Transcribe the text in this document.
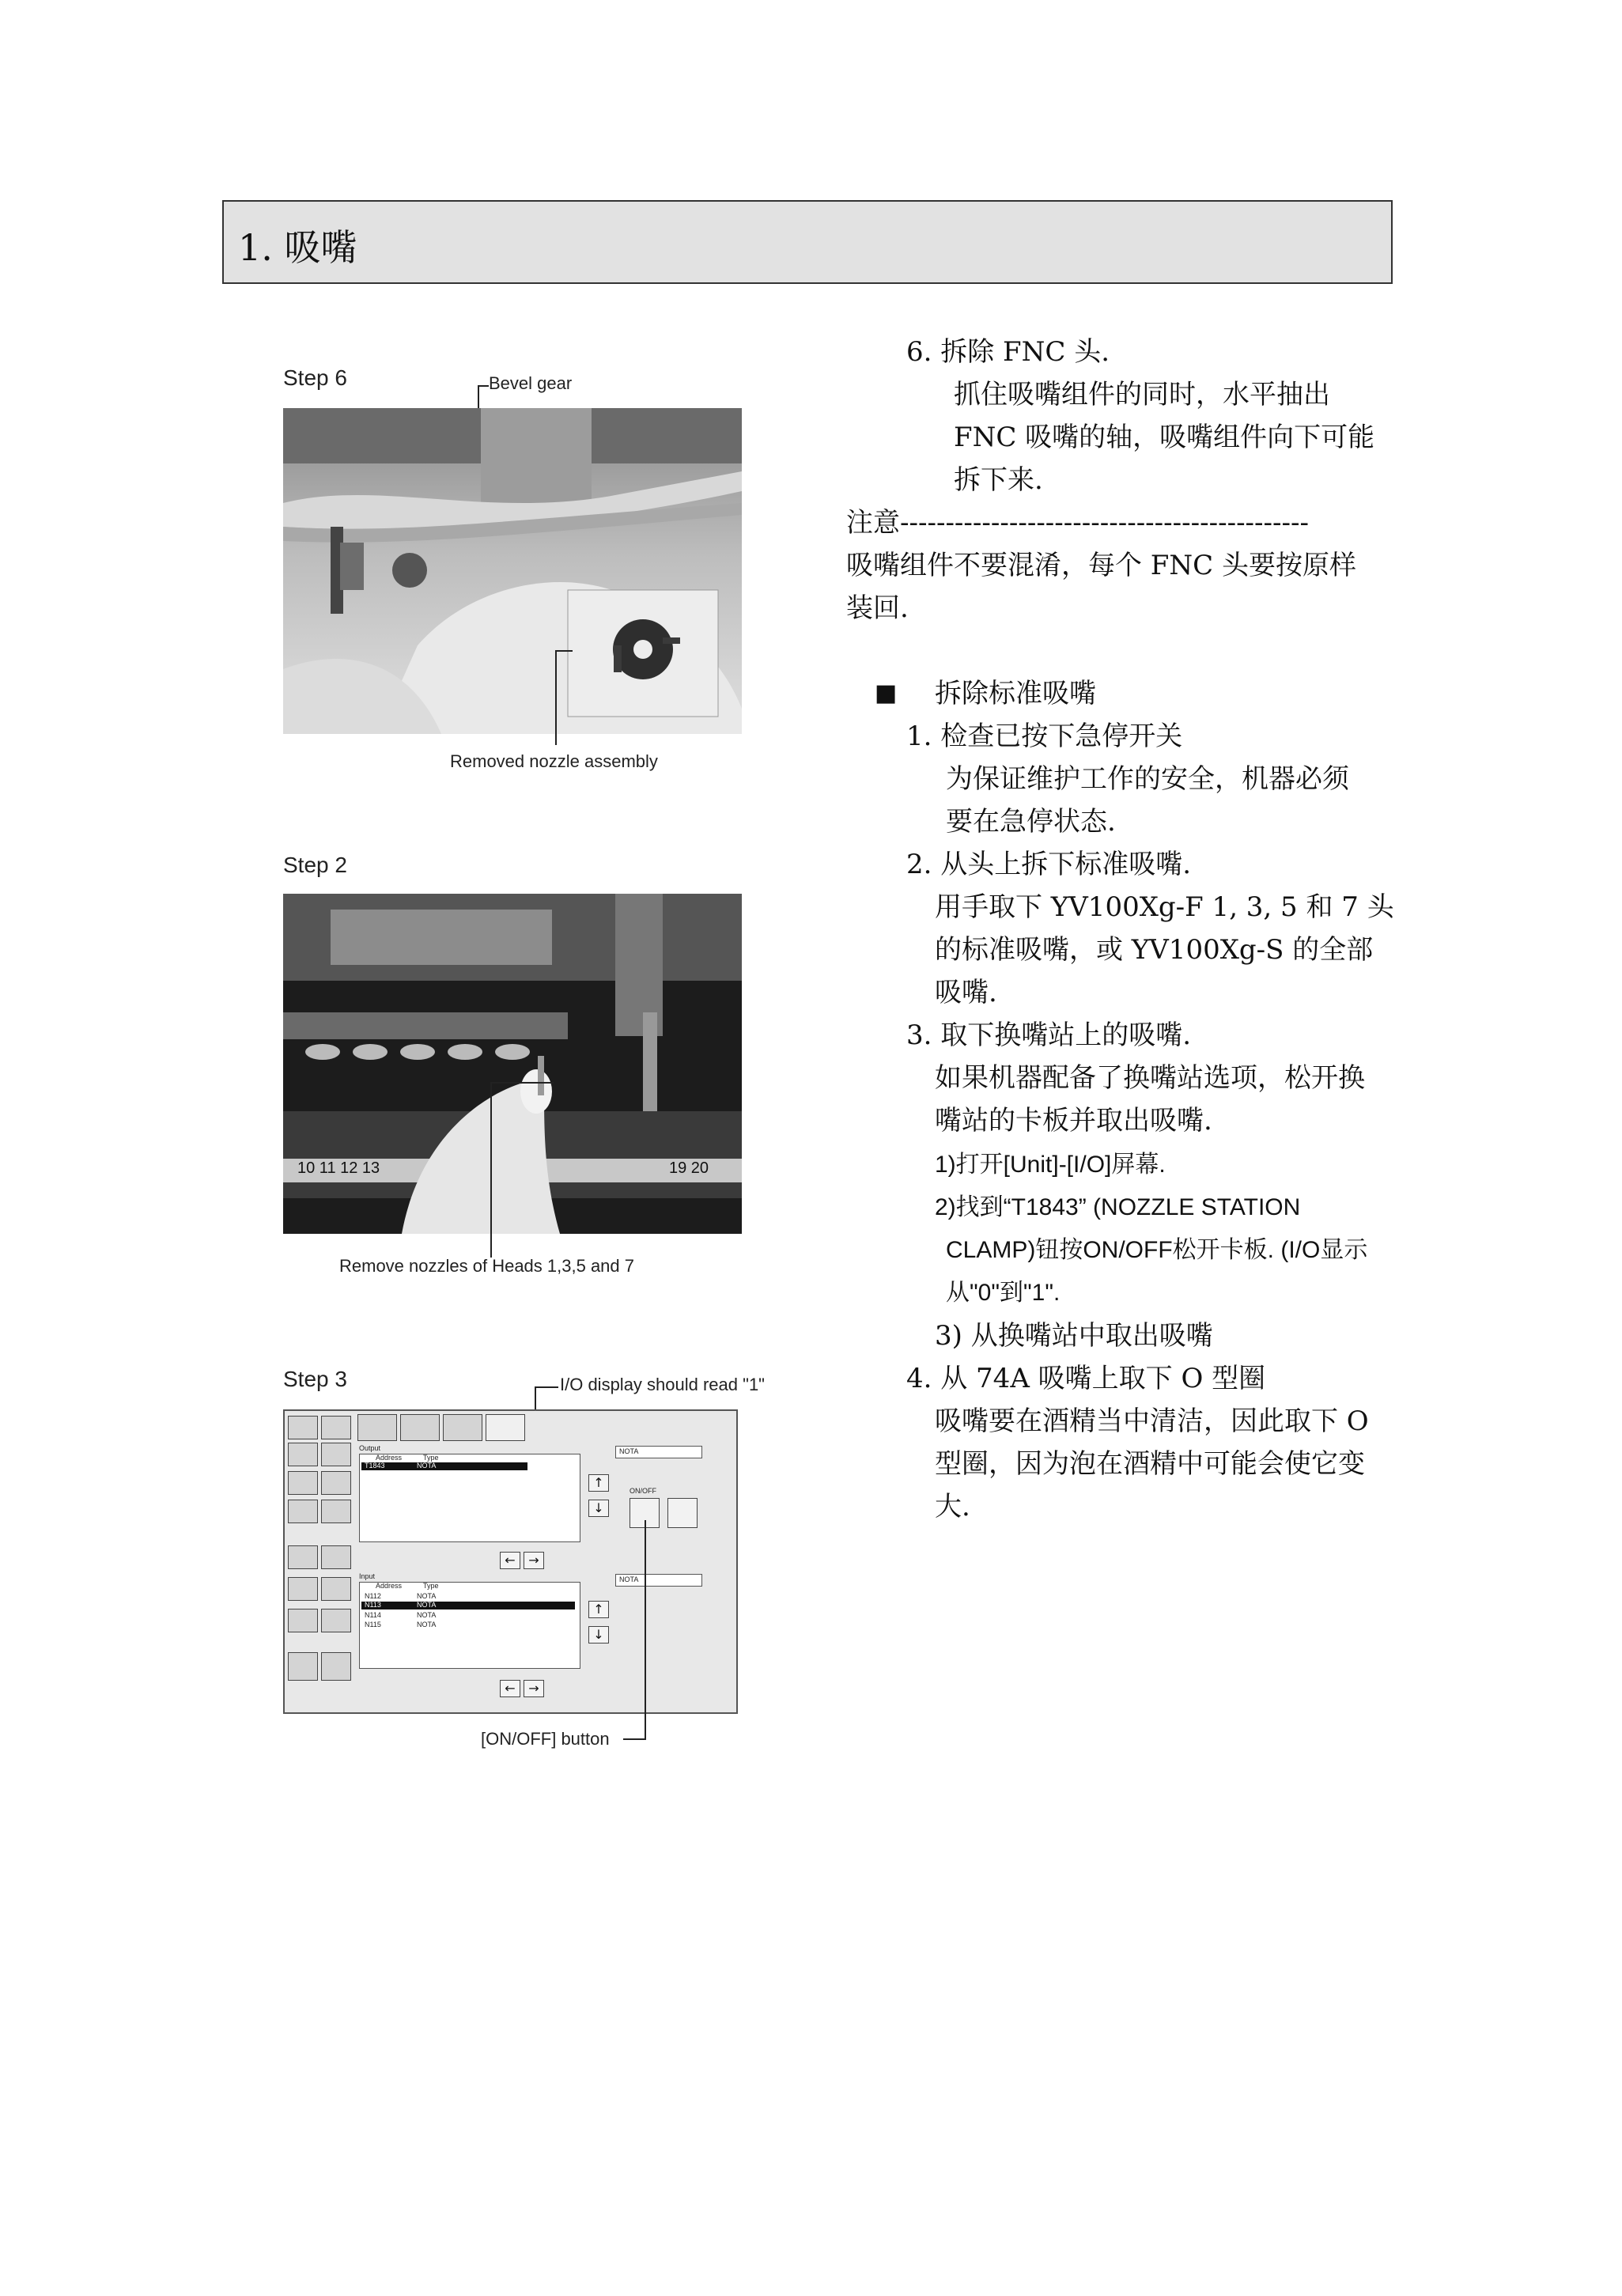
1. 吸嘴
Step 6	Bevel gear
Removed nozzle assembly
Step 2
10 11 12 13	19 20
Remove nozzles of Heads 1,3,5 and 7
Step 3	I/O display should read "1"
Output
Address	Type
T1843	NOTA
NOTA
↑
↓
ON/OFF
←	→
Input
Address	Type
N112	NOTA
N113	NOTA
N114	NOTA
N115	NOTA
NOTA
↑
↓
←	→
[ON/OFF] button
6. 拆除 FNC 头.
抓住吸嘴组件的同时，水平抽出
FNC 吸嘴的轴，吸嘴组件向下可能
拆下来.
注意---------------------------------------------
吸嘴组件不要混淆，每个 FNC 头要按原样
装回.
■ 拆除标准吸嘴
1. 检查已按下急停开关
为保证维护工作的安全，机器必须
要在急停状态.
2. 从头上拆下标准吸嘴.
用手取下 YV100Xg-F 1, 3, 5 和 7 头
的标准吸嘴，或 YV100Xg-S 的全部
吸嘴.
3. 取下换嘴站上的吸嘴.
如果机器配备了换嘴站选项，松开换
嘴站的卡板并取出吸嘴.
1)打开[Unit]-[I/O]屏幕.
2)找到“T1843” (NOZZLE STATION
CLAMP)钮按ON/OFF松开卡板. (I/O显示
从"0"到"1".
3) 从换嘴站中取出吸嘴
4. 从 74A 吸嘴上取下 O 型圈
吸嘴要在酒精当中清洁，因此取下 O
型圈，因为泡在酒精中可能会使它变
大.
